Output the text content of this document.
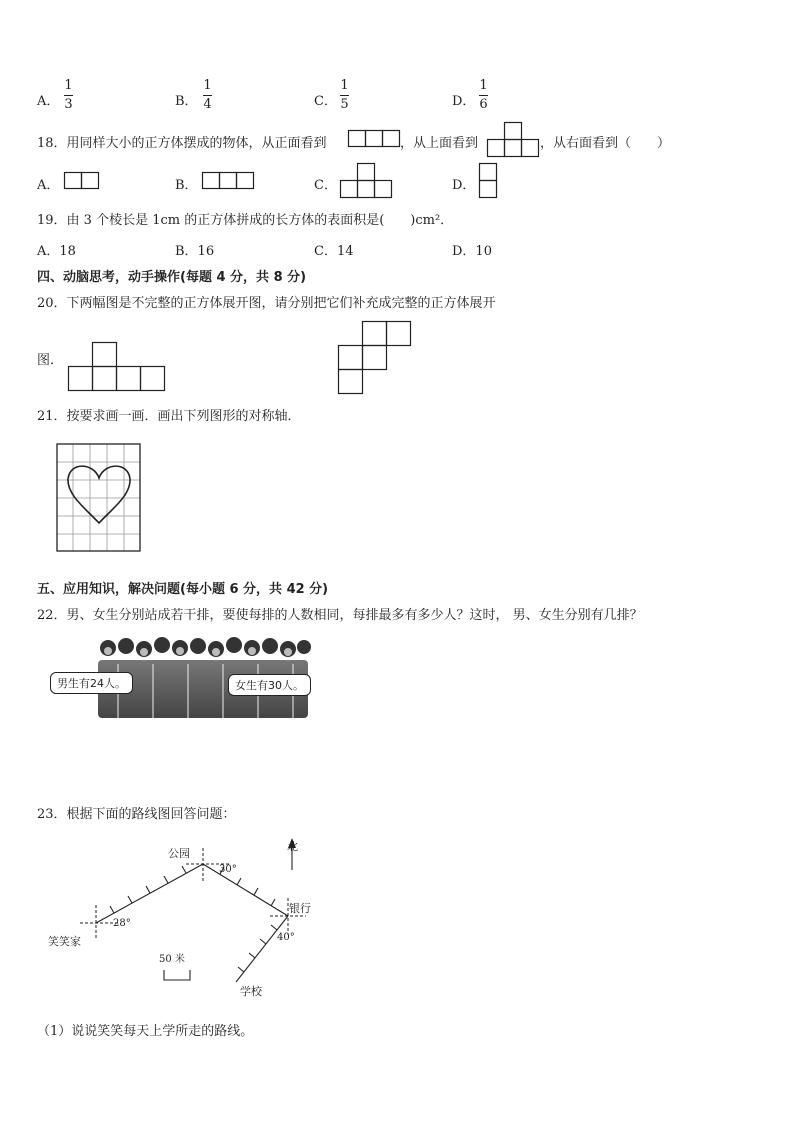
A．
1
3	B．
1
4	C．
1
5	D．
1
6
18．用同样大小的正方体摆成的物体，从正面看到	，从上面看到	，从右面看到（　　）
A．	B．	C．	D．
19．由 3 个棱长是 1cm 的正方体拼成的长方体的表面积是(　　)cm²．
A．18	B．16	C．14	D．10
四、动脑思考，动手操作(每题 4 分，共 8 分)
20．下两幅图是不完整的正方体展开图，请分别把它们补充成完整的正方体展开
图．
21．按要求画一画．画出下列图形的对称轴．
五、应用知识，解决问题(每小题 6 分，共 42 分)
22．男、女生分别站成若干排，要使每排的人数相同，每排最多有多少人？这时， 男、女生分别有几排？
男生有24人。	女生有30人。
23．根据下面的路线图回答问题：
公园
30°
北
银行
28°
笑笑家	40°
50 米
学校
（1）说说笑笑每天上学所走的路线。
